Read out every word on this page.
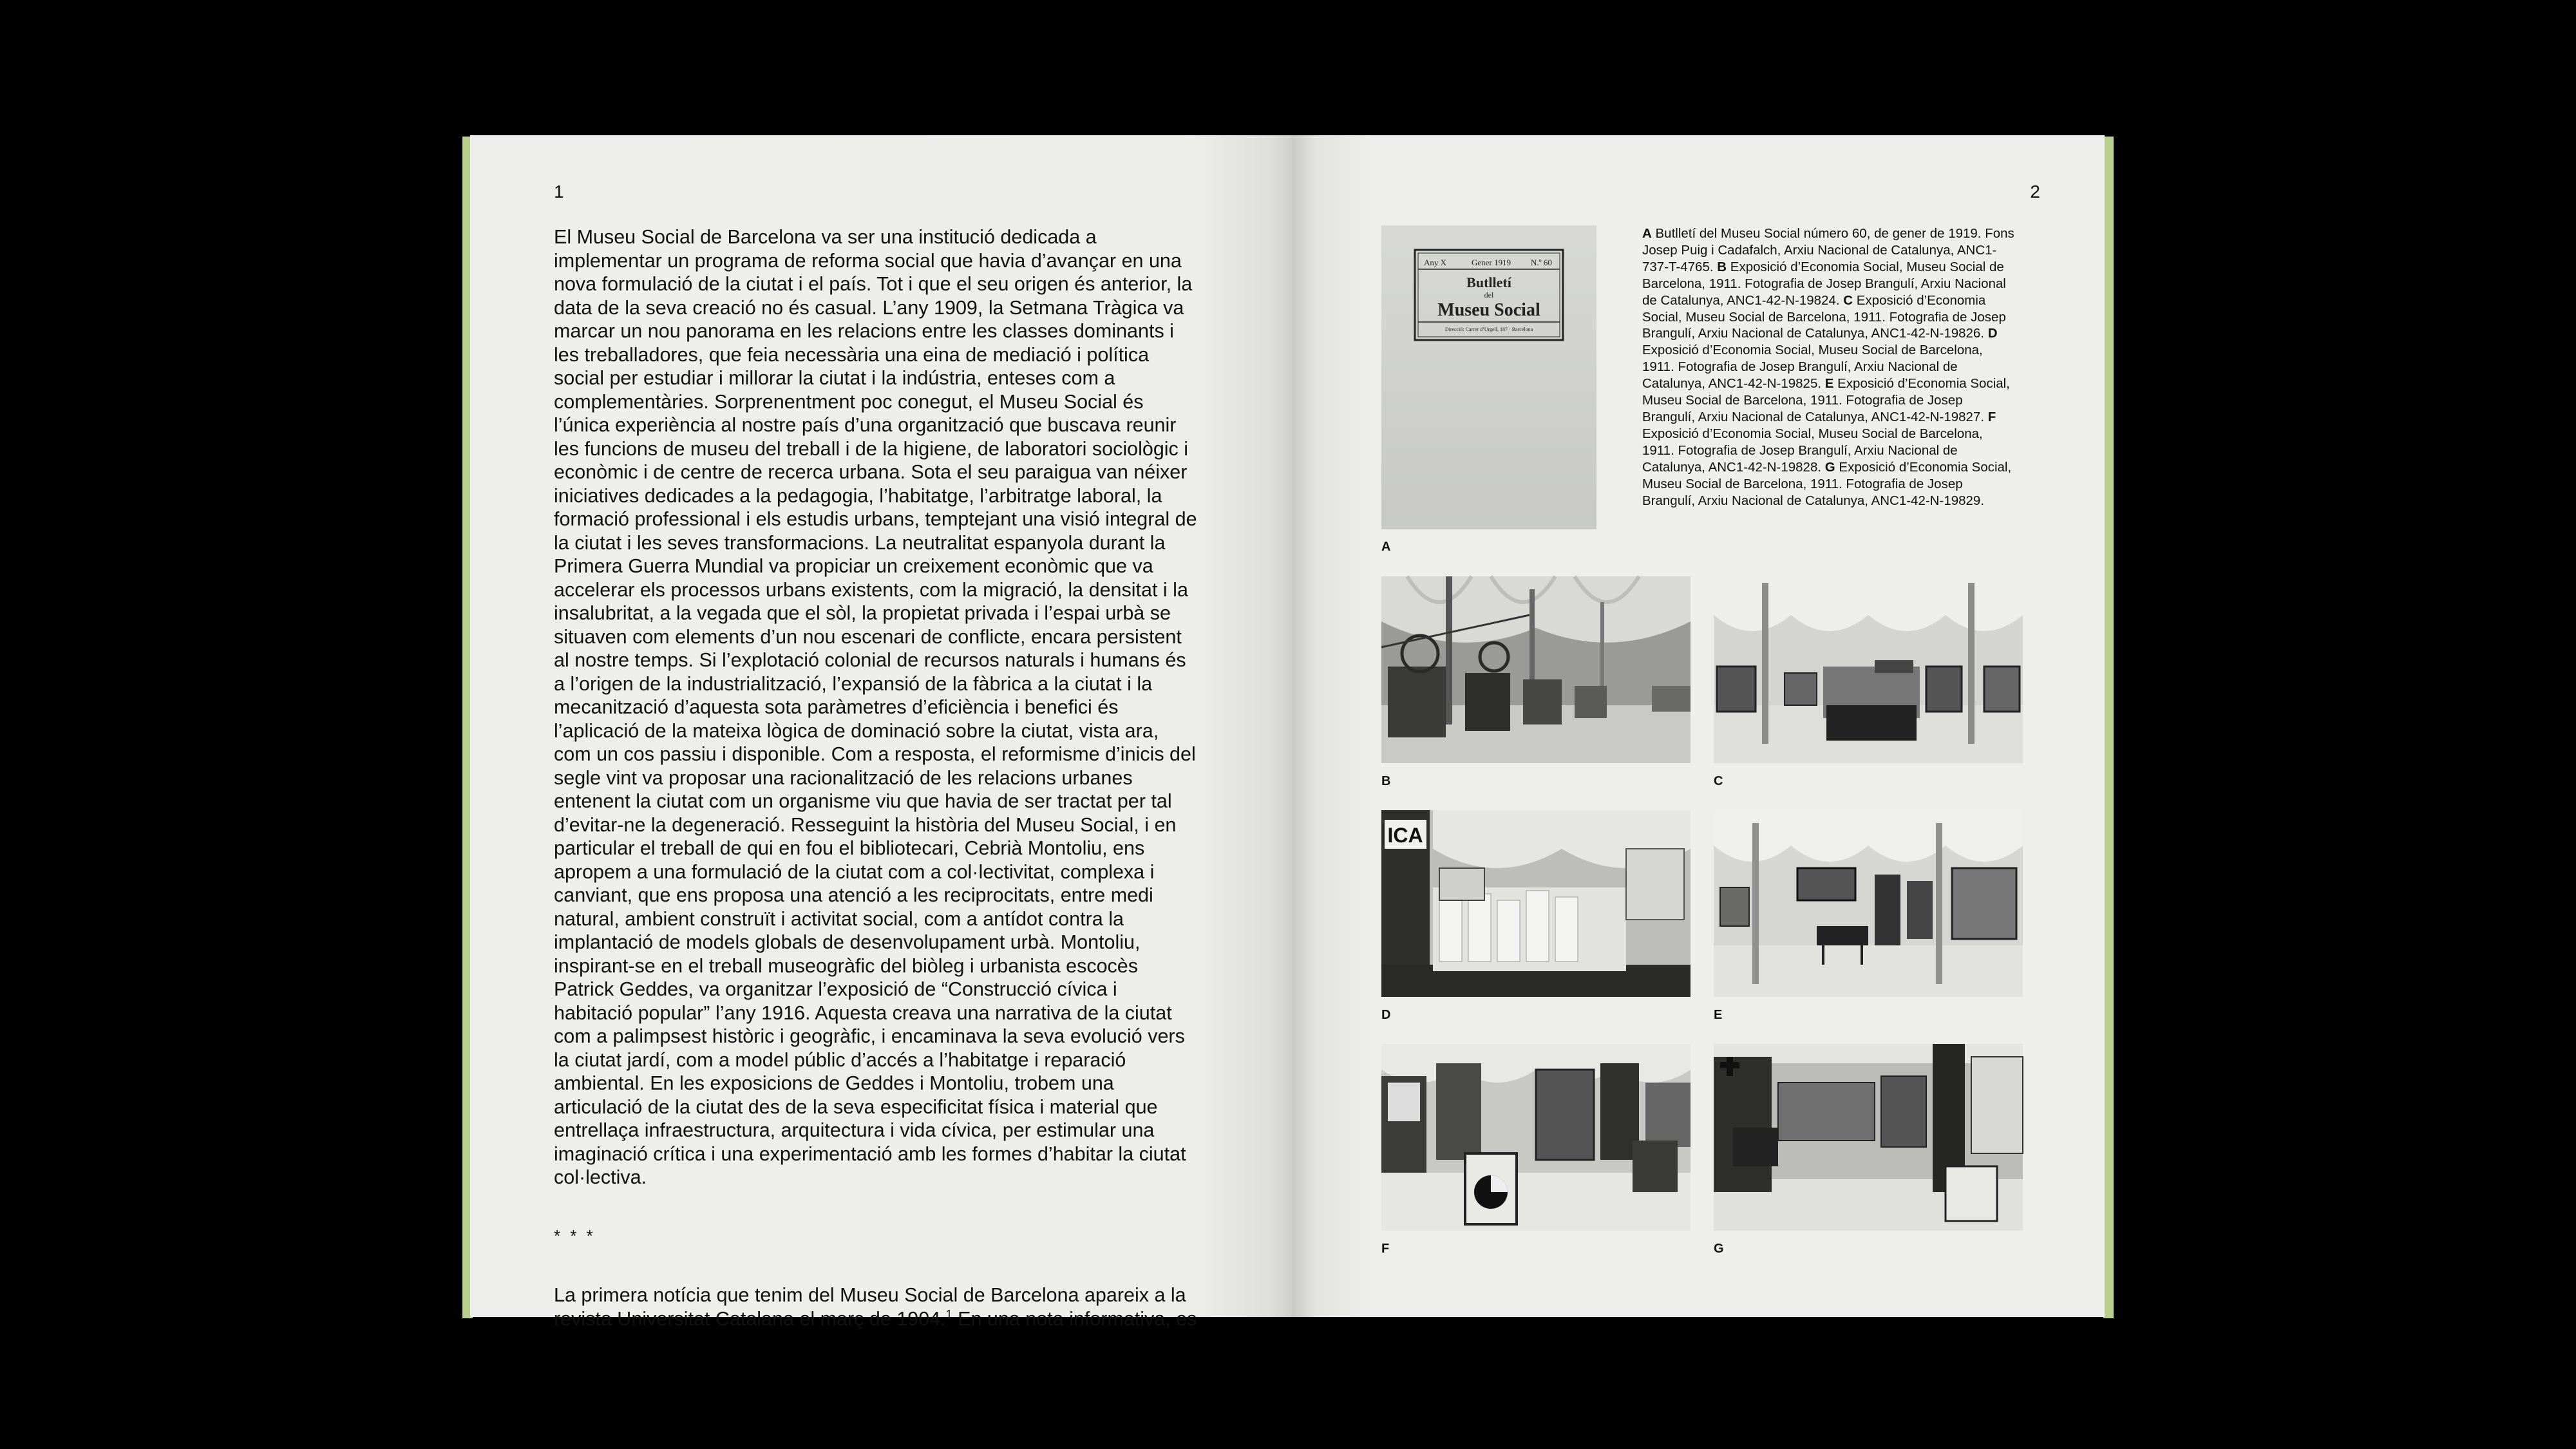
1

El Museu Social de Barcelona va ser una institució dedicada a implementar un programa de reforma social que havia d’avançar en una nova formulació de la ciutat i el país. Tot i que el seu origen és anterior, la data de la seva creació no és casual. L’any 1909, la Setmana Tràgica va marcar un nou panorama en les relacions entre les classes dominants i les treballadores, que feia necessària una eina de mediació i política social per estudiar i millorar la ciutat i la indústria, enteses com a complementàries. Sorprenentment poc conegut, el Museu Social és l’única experiència al nostre país d’una organització que buscava reunir les funcions de museu del treball i de la higiene, de laboratori sociològic i econòmic i de centre de recerca urbana. Sota el seu paraigua van néixer iniciatives dedicades a la pedagogia, l’habitatge, l’arbitratge laboral, la formació professional i els estudis urbans, temptejant una visió integral de la ciutat i les seves transformacions. La neutralitat espanyola durant la Primera Guerra Mundial va propiciar un creixement econòmic que va accelerar els processos urbans existents, com la migració, la densitat i la insalubritat, a la vegada que el sòl, la propietat privada i l’espai urbà se situaven com elements d’un nou escenari de conflicte, encara persistent al nostre temps. Si l’explotació colonial de recursos naturals i humans és a l’origen de la industrialització, l’expansió de la fàbrica a la ciutat i la mecanització d’aquesta sota paràmetres d’eficiència i benefici és l’aplicació de la mateixa lògica de dominació sobre la ciutat, vista ara, com un cos passiu i disponible. Com a resposta, el reformisme d’inicis del segle vint va proposar una racionalització de les relacions urbanes entenent la ciutat com un organisme viu que havia de ser tractat per tal d’evitar-ne la degeneració. Resseguint la història del Museu Social, i en particular el treball de qui en fou el bibliotecari, Cebrià Montoliu, ens apropem a una formulació de la ciutat com a col·lectivitat, complexa i canviant, que ens proposa una atenció a les reciprocitats, entre medi natural, ambient construït i activitat social, com a antídot contra la implantació de models globals de desenvolupament urbà. Montoliu, inspirant-se en el treball museogràfic del biòleg i urbanista escocès Patrick Geddes, va organitzar l’exposició de “Construcció cívica i habitació popular” l’any 1916. Aquesta creava una narrativa de la ciutat com a palimpsest històric i geogràfic, i encaminava la seva evolució vers la ciutat jardí, com a model públic d’accés a l’habitatge i reparació ambiental. En les exposicions de Geddes i Montoliu, trobem una articulació de la ciutat des de la seva especificitat física i material que entrellaça infraestructura, arquitectura i vida cívica, per estimular una imaginació crítica i una experimentació amb les formes d’habitar la ciutat col·lectiva.

* * *

La primera notícia que tenim del Museu Social de Barcelona apareix a la revista Universitat Catalana el març de 1904.$^1$ En una nota informativa, es

2
Any X	Gener 1919 N.º 60
Butlletí
del
Museu Social
Direcció: Carrer d’Urgell, 187 · Barcelona
A
A Butlletí del Museu Social número 60, de gener de 1919. Fons Josep Puig i Cadafalch, Arxiu Nacional de Catalunya, ANC1-737-T-4765. B Exposició d’Economia Social, Museu Social de Barcelona, 1911. Fotografia de Josep Brangulí, Arxiu Nacional de Catalunya, ANC1-42-N-19824. C Exposició d’Economia Social, Museu Social de Barcelona, 1911. Fotografia de Josep Brangulí, Arxiu Nacional de Catalunya, ANC1-42-N-19826. D Exposició d’Economia Social, Museu Social de Barcelona, 1911. Fotografia de Josep Brangulí, Arxiu Nacional de Catalunya, ANC1-42-N-19825. E Exposició d’Economia Social, Museu Social de Barcelona, 1911. Fotografia de Josep Brangulí, Arxiu Nacional de Catalunya, ANC1-42-N-19827. F Exposició d’Economia Social, Museu Social de Barcelona, 1911. Fotografia de Josep Brangulí, Arxiu Nacional de Catalunya, ANC1-42-N-19828. G Exposició d’Economia Social, Museu Social de Barcelona, 1911. Fotografia de Josep Brangulí, Arxiu Nacional de Catalunya, ANC1-42-N-19829.
B	C
ICA
D	E
F	G
